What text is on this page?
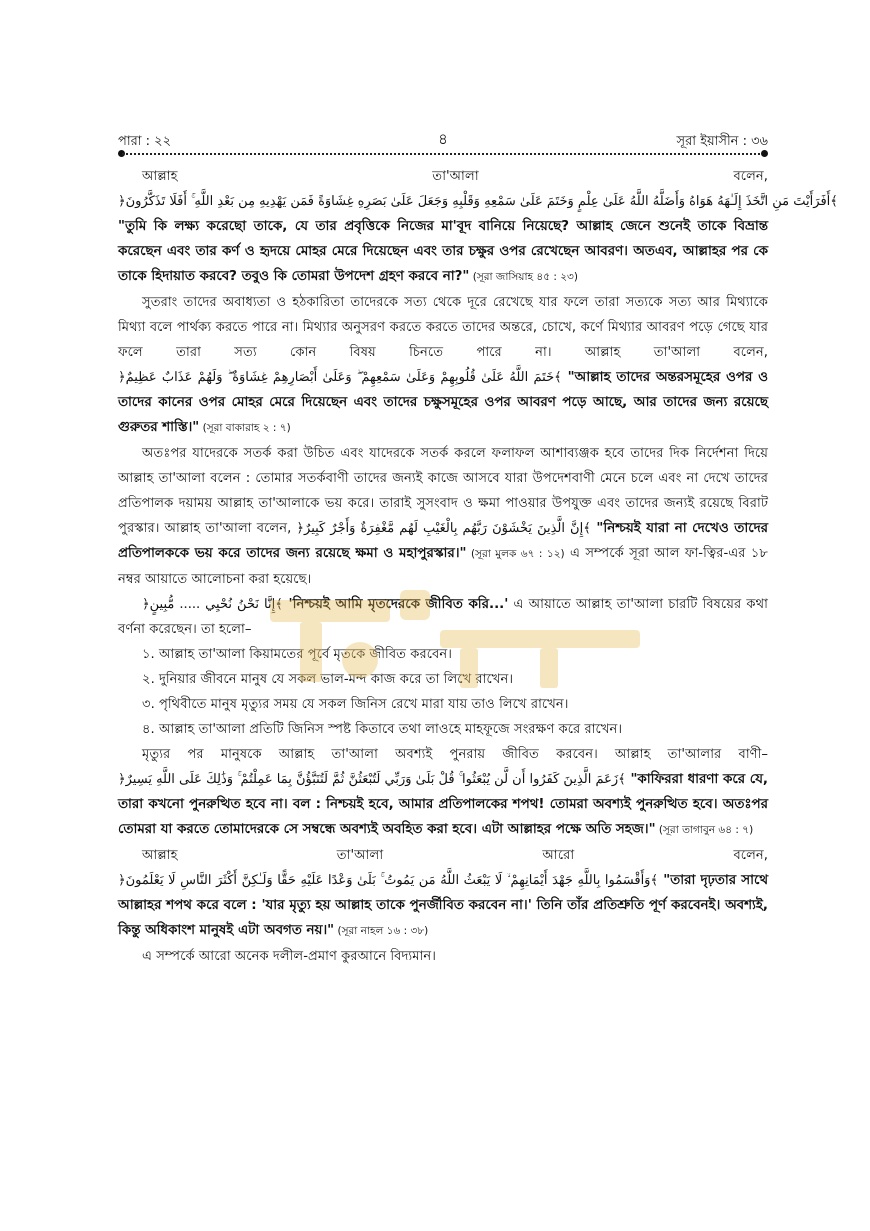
পারা : ২২	৪	সূরা ইয়াসীন : ৩৬

আল্লাহ তা'আলা বলেন, ﴿أَفَرَأَيْتَ مَنِ اتَّخَذَ إِلَـٰهَهُ هَوَاهُ وَأَضَلَّهُ اللَّهُ عَلَىٰ عِلْمٍ وَخَتَمَ عَلَىٰ سَمْعِهِ وَقَلْبِهِ وَجَعَلَ عَلَىٰ بَصَرِهِ غِشَاوَةً فَمَن يَهْدِيهِ مِن بَعْدِ اللَّهِ ۚ أَفَلَا تَذَكَّرُونَ﴾ "তুমি কি লক্ষ্য করেছো তাকে, যে তার প্রবৃত্তিকে নিজের মা'বূদ বানিয়ে নিয়েছে? আল্লাহ জেনে শুনেই তাকে বিভ্রান্ত করেছেন এবং তার কর্ণ ও হৃদয়ে মোহর মেরে দিয়েছেন এবং তার চক্ষুর ওপর রেখেছেন আবরণ। অতএব, আল্লাহর পর কে তাকে হিদায়াত করবে? তবুও কি তোমরা উপদেশ গ্রহণ করবে না?" (সূরা জাসিয়াহ ৪৫ : ২৩)

সুতরাং তাদের অবাধ্যতা ও হঠকারিতা তাদেরকে সত্য থেকে দূরে রেখেছে যার ফলে তারা সত্যকে সত্য আর মিথ্যাকে মিথ্যা বলে পার্থক্য করতে পারে না। মিথ্যার অনুসরণ করতে করতে তাদের অন্তরে, চোখে, কর্ণে মিথ্যার আবরণ পড়ে গেছে যার ফলে তারা সত্য কোন বিষয় চিনতে পারে না। আল্লাহ তা'আলা বলেন, ﴿خَتَمَ اللَّهُ عَلَىٰ قُلُوبِهِمْ وَعَلَىٰ سَمْعِهِمْ ۖ وَعَلَىٰ أَبْصَارِهِمْ غِشَاوَةٌ ۖ وَلَهُمْ عَذَابٌ عَظِيمٌ﴾ "আল্লাহ তাদের অন্তরসমূহের ওপর ও তাদের কানের ওপর মোহর মেরে দিয়েছেন এবং তাদের চক্ষুসমূহের ওপর আবরণ পড়ে আছে, আর তাদের জন্য রয়েছে গুরুতর শাস্তি।" (সূরা বাকারাহ ২ : ৭)

অতঃপর যাদেরকে সতর্ক করা উচিত এবং যাদেরকে সতর্ক করলে ফলাফল আশাব্যঞ্জক হবে তাদের দিক নির্দেশনা দিয়ে আল্লাহ তা'আলা বলেন : তোমার সতর্কবাণী তাদের জন্যই কাজে আসবে যারা উপদেশবাণী মেনে চলে এবং না দেখে তাদের প্রতিপালক দয়াময় আল্লাহ তা'আলাকে ভয় করে। তারাই সুসংবাদ ও ক্ষমা পাওয়ার উপযুক্ত এবং তাদের জন্যই রয়েছে বিরাট পুরস্কার। আল্লাহ তা'আলা বলেন, ﴿إِنَّ الَّذِينَ يَخْشَوْنَ رَبَّهُم بِالْغَيْبِ لَهُم مَّغْفِرَةٌ وَأَجْرٌ كَبِيرٌ﴾ "নিশ্চয়ই যারা না দেখেও তাদের প্রতিপালককে ভয় করে তাদের জন্য রয়েছে ক্ষমা ও মহাপুরস্কার।" (সূরা মুলক ৬৭ : ১২) এ সম্পর্কে সূরা আল ফা-ত্বির-এর ১৮ নম্বর আয়াতে আলোচনা করা হয়েছে।

﴿إِنَّا نَحْنُ نُحْيِي ..... مُّبِينٍ﴾ 'নিশ্চয়ই আমি মৃতদেরকে জীবিত করি...' এ আয়াতে আল্লাহ তা'আলা চারটি বিষয়ের কথা বর্ণনা করেছেন। তা হলো–

১. আল্লাহ তা'আলা কিয়ামতের পূর্বে মৃতকে জীবিত করবেন।
২. দুনিয়ার জীবনে মানুষ যে সকল ভাল-মন্দ কাজ করে তা লিখে রাখেন।
৩. পৃথিবীতে মানুষ মৃত্যুর সময় যে সকল জিনিস রেখে মারা যায় তাও লিখে রাখেন।
৪. আল্লাহ তা'আলা প্রতিটি জিনিস স্পষ্ট কিতাবে তথা লাওহে মাহফূজে সংরক্ষণ করে রাখেন।

মৃত্যুর পর মানুষকে আল্লাহ তা'আলা অবশ্যই পুনরায় জীবিত করবেন। আল্লাহ তা'আলার বাণী– ﴿زَعَمَ الَّذِينَ كَفَرُوا أَن لَّن يُبْعَثُوا ۚ قُلْ بَلَىٰ وَرَبِّي لَتُبْعَثُنَّ ثُمَّ لَتُنَبَّؤُنَّ بِمَا عَمِلْتُمْ ۚ وَذَٰلِكَ عَلَى اللَّهِ يَسِيرٌ﴾ "কাফিররা ধারণা করে যে, তারা কখনো পুনরুত্থিত হবে না। বল : নিশ্চয়ই হবে, আমার প্রতিপালকের শপথ! তোমরা অবশ্যই পুনরুত্থিত হবে। অতঃপর তোমরা যা করতে তোমাদেরকে সে সম্বন্ধে অবশ্যই অবহিত করা হবে। এটা আল্লাহর পক্ষে অতি সহজ।" (সূরা তাগাবুন ৬৪ : ৭)

আল্লাহ তা'আলা আরো বলেন, ﴿وَأَقْسَمُوا بِاللَّهِ جَهْدَ أَيْمَانِهِمْ ۙ لَا يَبْعَثُ اللَّهُ مَن يَمُوتُ ۚ بَلَىٰ وَعْدًا عَلَيْهِ حَقًّا وَلَـٰكِنَّ أَكْثَرَ النَّاسِ لَا يَعْلَمُونَ﴾ "তারা দৃঢ়তার সাথে আল্লাহর শপথ করে বলে : 'যার মৃত্যু হয় আল্লাহ তাকে পুনর্জীবিত করবেন না।' তিনি তাঁর প্রতিশ্রুতি পূর্ণ করবেনই। অবশ্যই, কিন্তু অধিকাংশ মানুষই এটা অবগত নয়।" (সূরা নাহল ১৬ : ৩৮)

এ সম্পর্কে আরো অনেক দলীল-প্রমাণ কুরআনে বিদ্যমান।
